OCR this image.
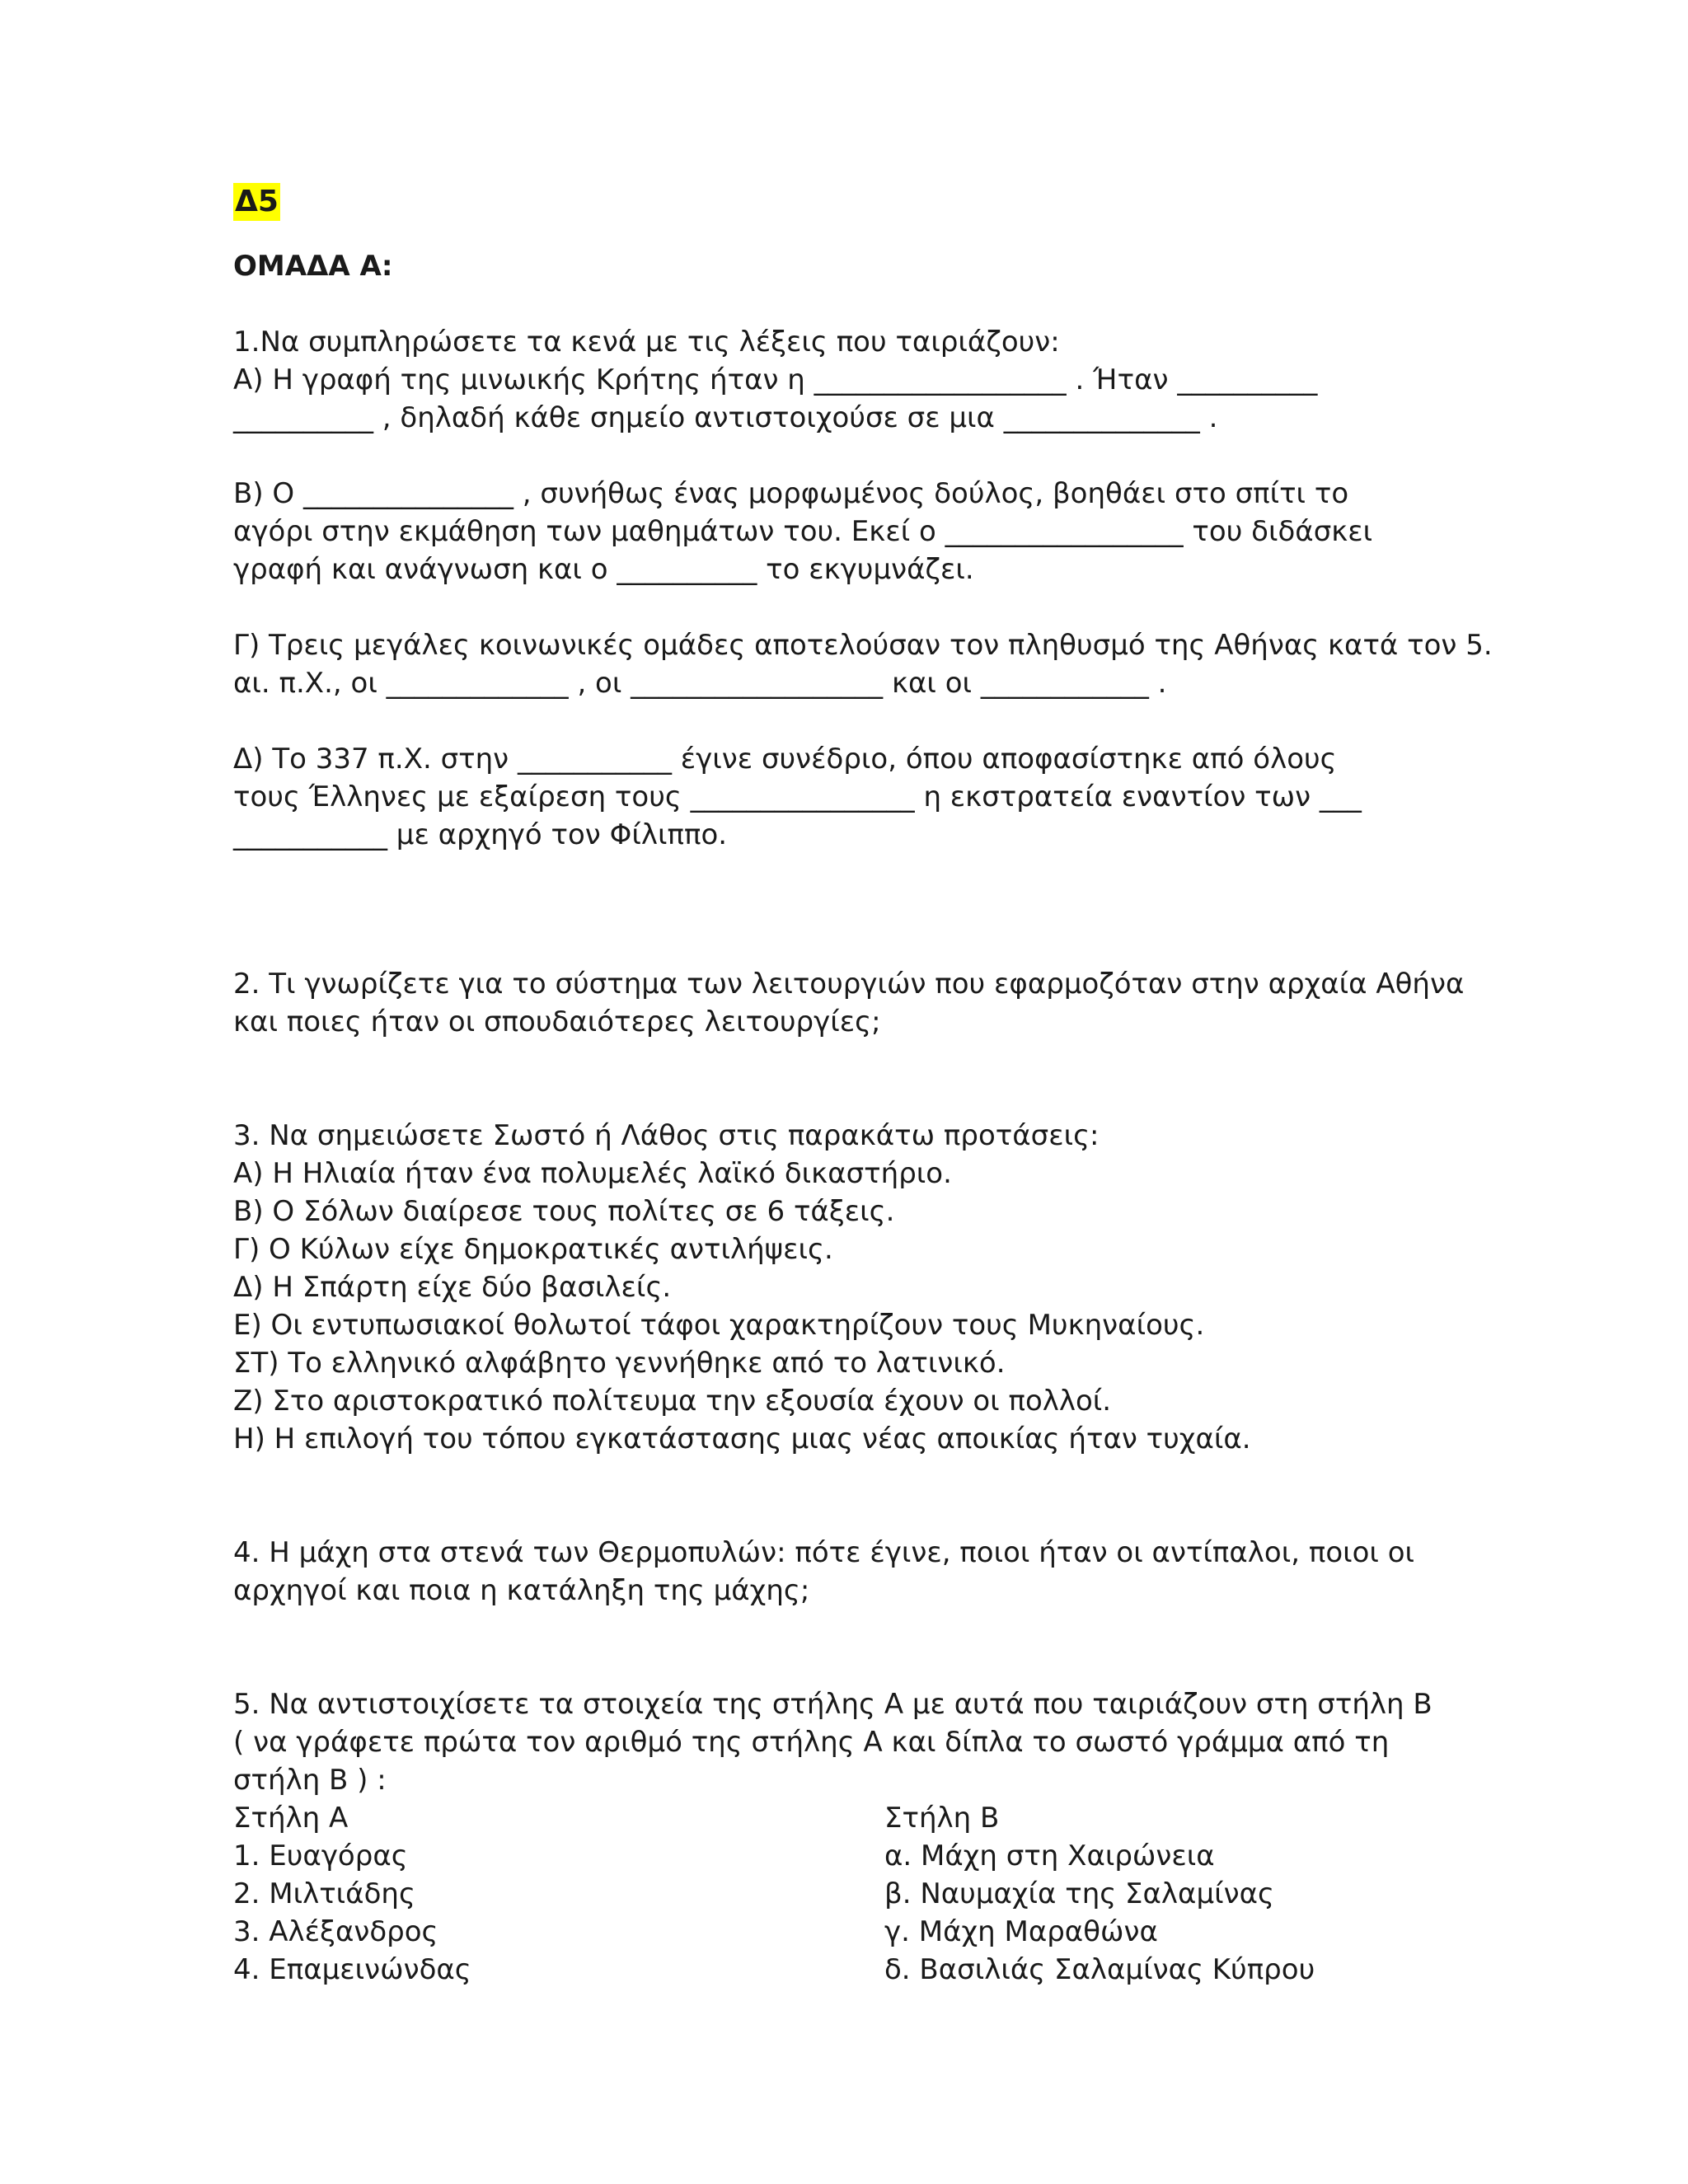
Δ5
ΟΜΑΔΑ Α:
1.Να συμπληρώσετε τα κενά με τις λέξεις που ταιριάζουν:
Α) Η γραφή της μινωικής Κρήτης ήταν η __________________ . Ήταν __________
__________ , δηλαδή κάθε σημείο αντιστοιχούσε σε μια ______________ .
Β) Ο _______________ , συνήθως ένας μορφωμένος δούλος, βοηθάει στο σπίτι το
αγόρι στην εκμάθηση των μαθημάτων του. Εκεί ο _________________ του διδάσκει
γραφή και ανάγνωση και ο __________ το εκγυμνάζει.
Γ) Τρεις μεγάλες κοινωνικές ομάδες αποτελούσαν τον πληθυσμό της Αθήνας κατά τον 5.
αι. π.Χ., οι _____________ , οι __________________ και οι ____________ .
Δ) Το 337 π.Χ. στην ___________ έγινε συνέδριο, όπου αποφασίστηκε από όλους
τους Έλληνες με εξαίρεση τους ________________ η εκστρατεία εναντίον των ___
___________ με αρχηγό τον Φίλιππο.
2. Τι γνωρίζετε για το σύστημα των λειτουργιών που εφαρμοζόταν στην αρχαία Αθήνα
και ποιες ήταν οι σπουδαιότερες λειτουργίες;
3. Να σημειώσετε Σωστό ή Λάθος στις παρακάτω προτάσεις:
Α) Η Ηλιαία ήταν ένα πολυμελές λαϊκό δικαστήριο.
Β) Ο Σόλων διαίρεσε τους πολίτες σε 6 τάξεις.
Γ) Ο Κύλων είχε δημοκρατικές αντιλήψεις.
Δ) Η Σπάρτη είχε δύο βασιλείς.
Ε) Οι εντυπωσιακοί θολωτοί τάφοι χαρακτηρίζουν τους Μυκηναίους.
ΣΤ) Το ελληνικό αλφάβητο γεννήθηκε από το λατινικό.
Ζ) Στο αριστοκρατικό πολίτευμα την εξουσία έχουν οι πολλοί.
Η) Η επιλογή του τόπου εγκατάστασης μιας νέας αποικίας ήταν τυχαία.
4. Η μάχη στα στενά των Θερμοπυλών: πότε έγινε, ποιοι ήταν οι αντίπαλοι, ποιοι οι
αρχηγοί και ποια η κατάληξη της μάχης;
5. Να αντιστοιχίσετε τα στοιχεία της στήλης Α με αυτά που ταιριάζουν στη στήλη Β
( να γράφετε πρώτα τον αριθμό της στήλης Α και δίπλα το σωστό γράμμα από τη
στήλη Β ) :
Στήλη Α	Στήλη Β
1. Ευαγόρας	α. Μάχη στη Χαιρώνεια
2. Μιλτιάδης	β. Ναυμαχία της Σαλαμίνας
3. Αλέξανδρος	γ. Μάχη Μαραθώνα
4. Επαμεινώνδας	δ. Βασιλιάς Σαλαμίνας Κύπρου
